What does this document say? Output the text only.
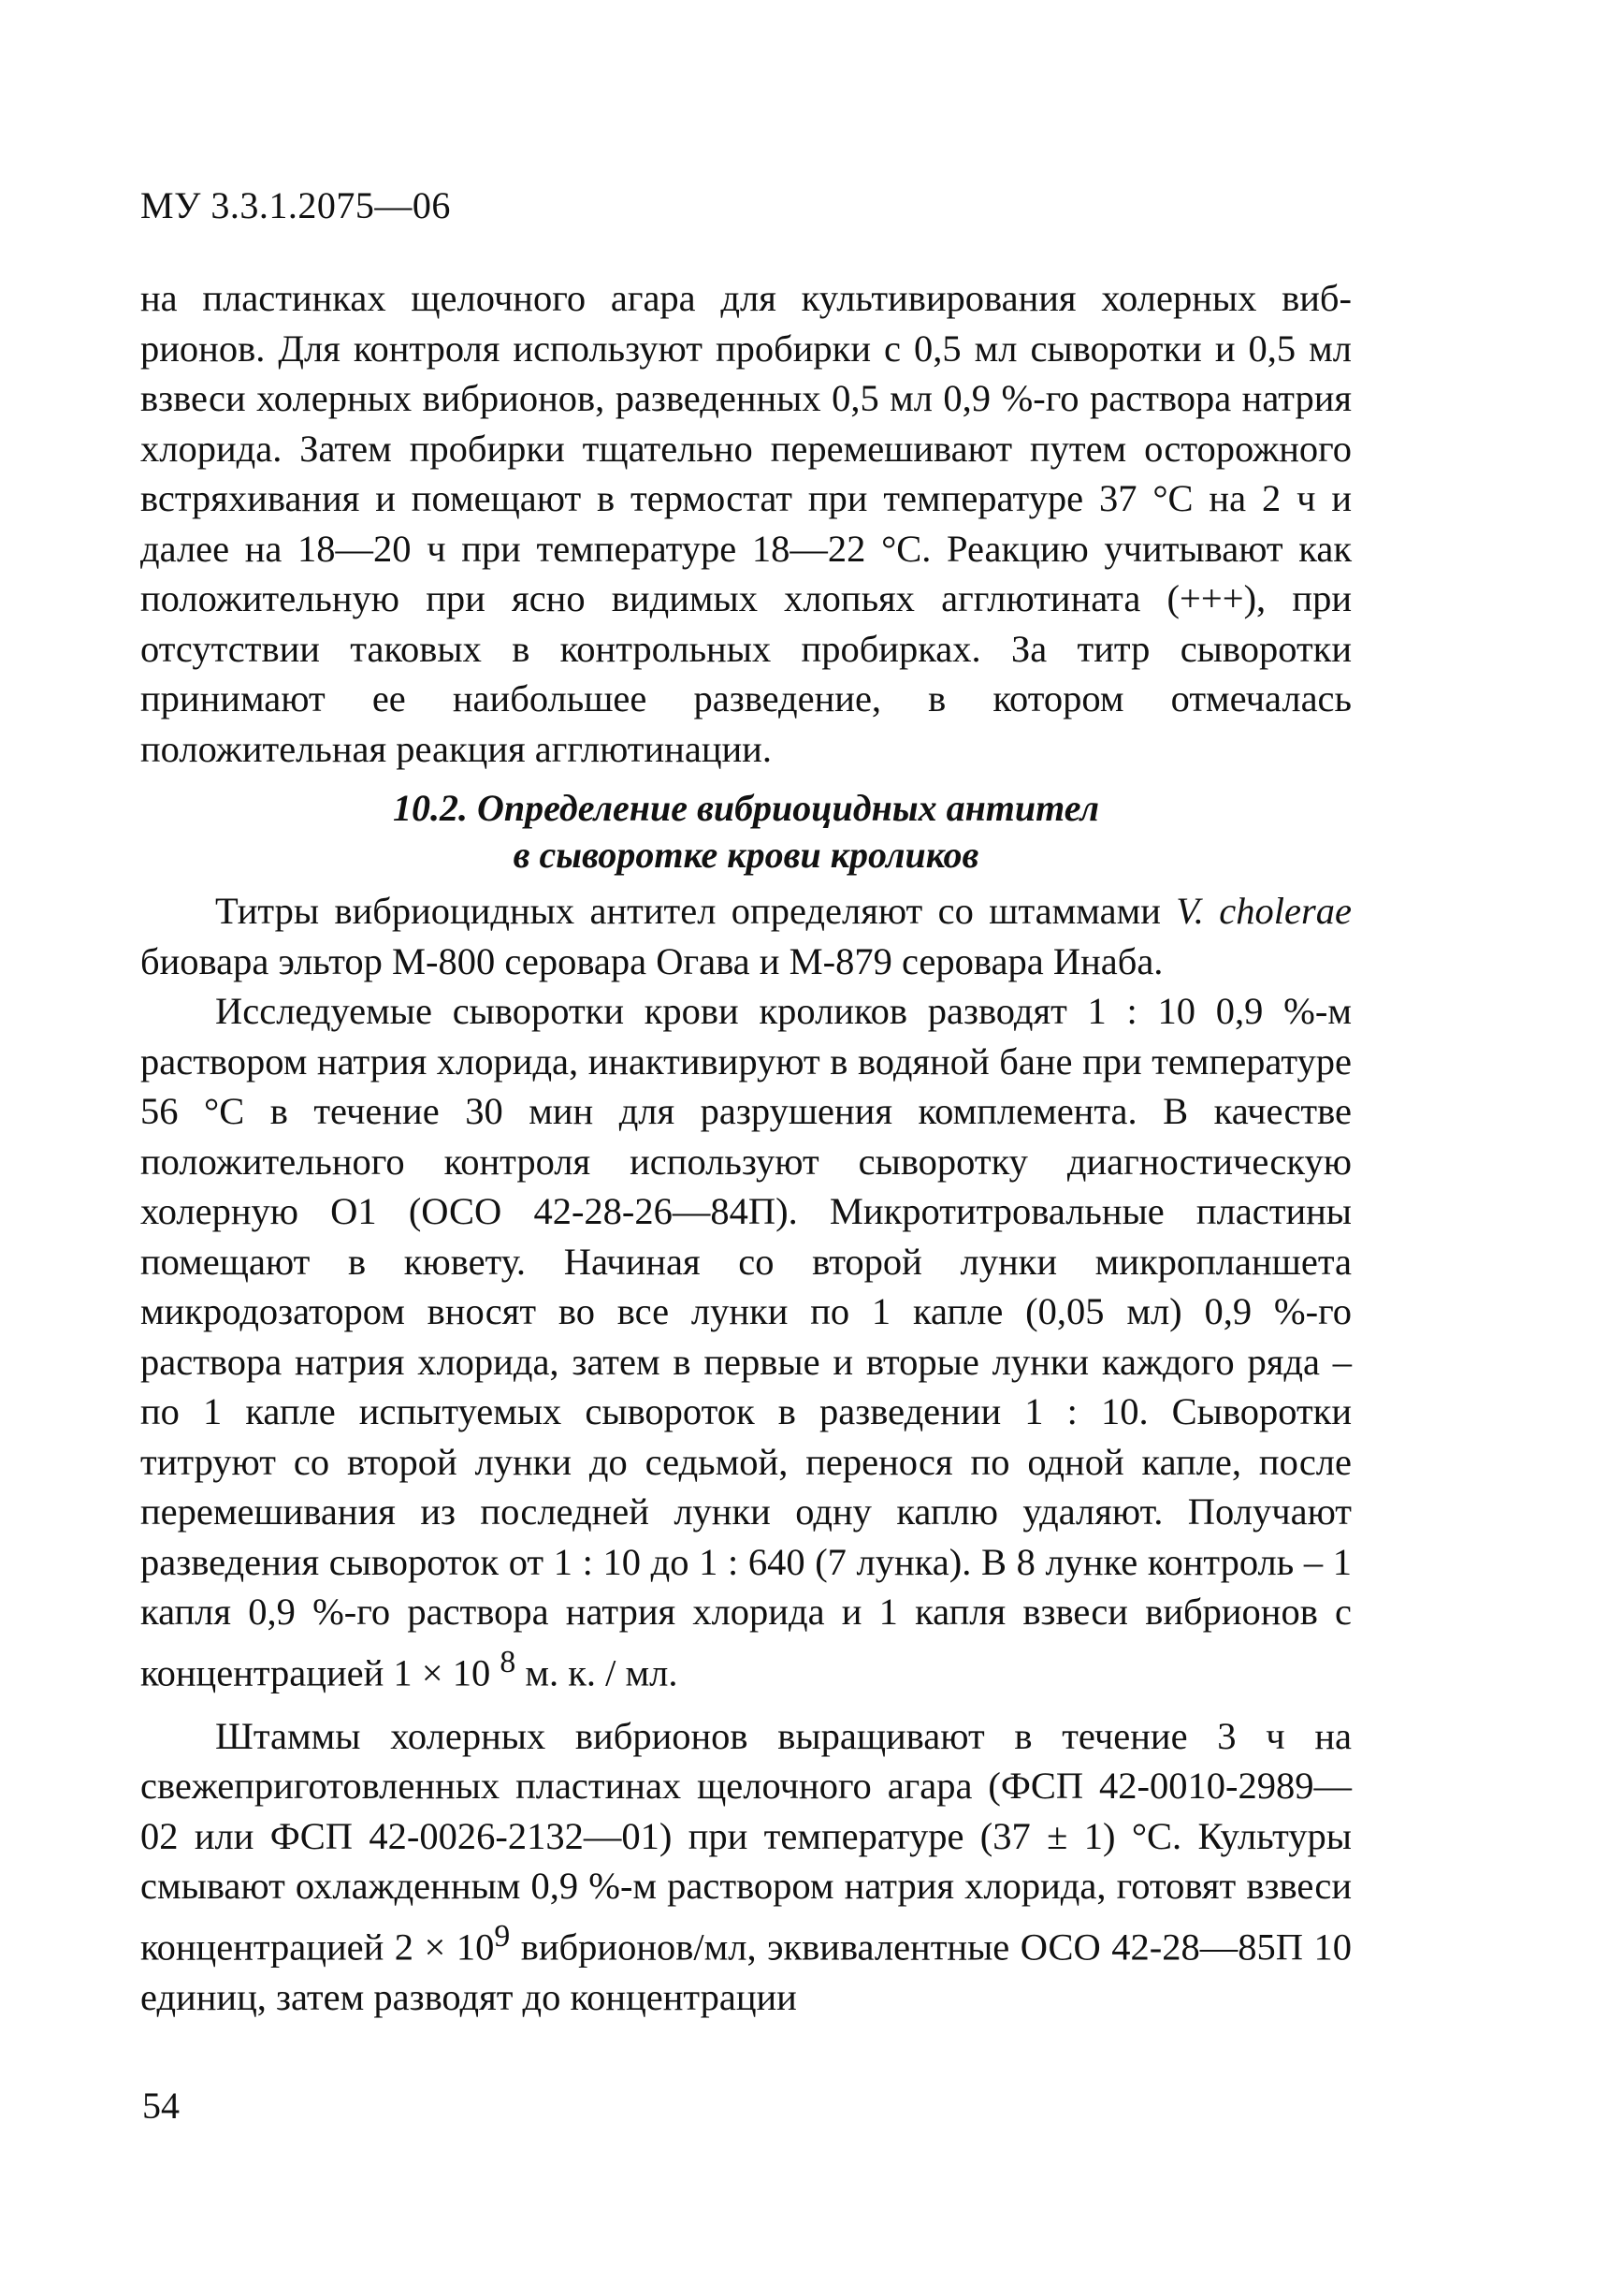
МУ 3.3.1.2075—06

на пластинках щелочного агара для культивирования холерных вибрионов. Для контроля используют пробирки с 0,5 мл сыворотки и 0,5 мл взвеси холерных вибрионов, разведенных 0,5 мл 0,9 %-го раствора натрия хлорида. Затем пробирки тщательно перемешивают путем осторожного встряхивания и помещают в термостат при температуре 37 °С на 2 ч и далее на 18—20 ч при температуре 18—22 °С. Реакцию учитывают как положительную при ясно видимых хлопьях агглютината (+++), при отсутствии таковых в контрольных пробирках. За титр сыворотки принимают ее наибольшее разведение, в котором отмечалась положительная реакция агглютинации.

10.2. Определение вибриоцидных антител
в сыворотке крови кроликов

Титры вибриоцидных антител определяют со штаммами V. cholerae биовара эльтор М-800 серовара Огава и М-879 серовара Инаба.

Исследуемые сыворотки крови кроликов разводят 1 : 10 0,9 %-м раствором натрия хлорида, инактивируют в водяной бане при температуре 56 °С в течение 30 мин для разрушения комплемента. В качестве положительного контроля используют сыворотку диагностическую холерную О1 (ОСО 42-28-26—84П). Микротитровальные пластины помещают в кювету. Начиная со второй лунки микропланшета микродозатором вносят во все лунки по 1 капле (0,05 мл) 0,9 %-го раствора натрия хлорида, затем в первые и вторые лунки каждого ряда – по 1 капле испытуемых сывороток в разведении 1 : 10. Сыворотки титруют со второй лунки до седьмой, перенося по одной капле, после перемешивания из последней лунки одну каплю удаляют. Получают разведения сывороток от 1 : 10 до 1 : 640 (7 лунка). В 8 лунке контроль – 1 капля 0,9 %-го раствора натрия хлорида и 1 капля взвеси вибрионов с концентрацией 1 × 10 $^8$ м. к. / мл.

Штаммы холерных вибрионов выращивают в течение 3 ч на свежеприготовленных пластинах щелочного агара (ФСП 42-0010-2989—02 или ФСП 42-0026-2132—01) при температуре (37 ± 1) °С. Культуры смывают охлажденным 0,9 %-м раствором натрия хлорида, готовят взвеси концентрацией $2 \times 10^9$ вибрионов/мл, эквивалентные ОСО 42-28—85П 10 единиц, затем разводят до концентрации

54
